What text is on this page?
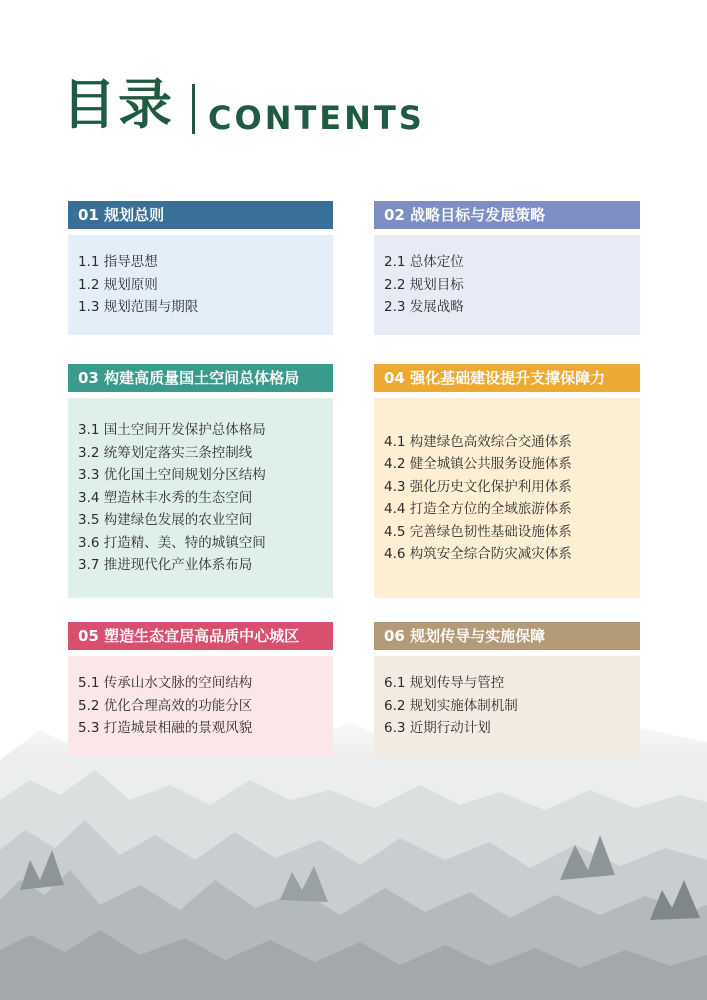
目录 CONTENTS
01 规划总则
1.1 指导思想
1.2 规划原则
1.3 规划范围与期限
02 战略目标与发展策略
2.1 总体定位
2.2 规划目标
2.3 发展战略
03 构建高质量国土空间总体格局
3.1 国土空间开发保护总体格局
3.2 统筹划定落实三条控制线
3.3 优化国土空间规划分区结构
3.4 塑造林丰水秀的生态空间
3.5 构建绿色发展的农业空间
3.6 打造精、美、特的城镇空间
3.7 推进现代化产业体系布局
04 强化基础建设提升支撑保障力
4.1 构建绿色高效综合交通体系
4.2 健全城镇公共服务设施体系
4.3 强化历史文化保护利用体系
4.4 打造全方位的全域旅游体系
4.5 完善绿色韧性基础设施体系
4.6 构筑安全综合防灾减灾体系
05 塑造生态宜居高品质中心城区
5.1 传承山水文脉的空间结构
5.2 优化合理高效的功能分区
5.3 打造城景相融的景观风貌
06 规划传导与实施保障
6.1 规划传导与管控
6.2 规划实施体制机制
6.3 近期行动计划
